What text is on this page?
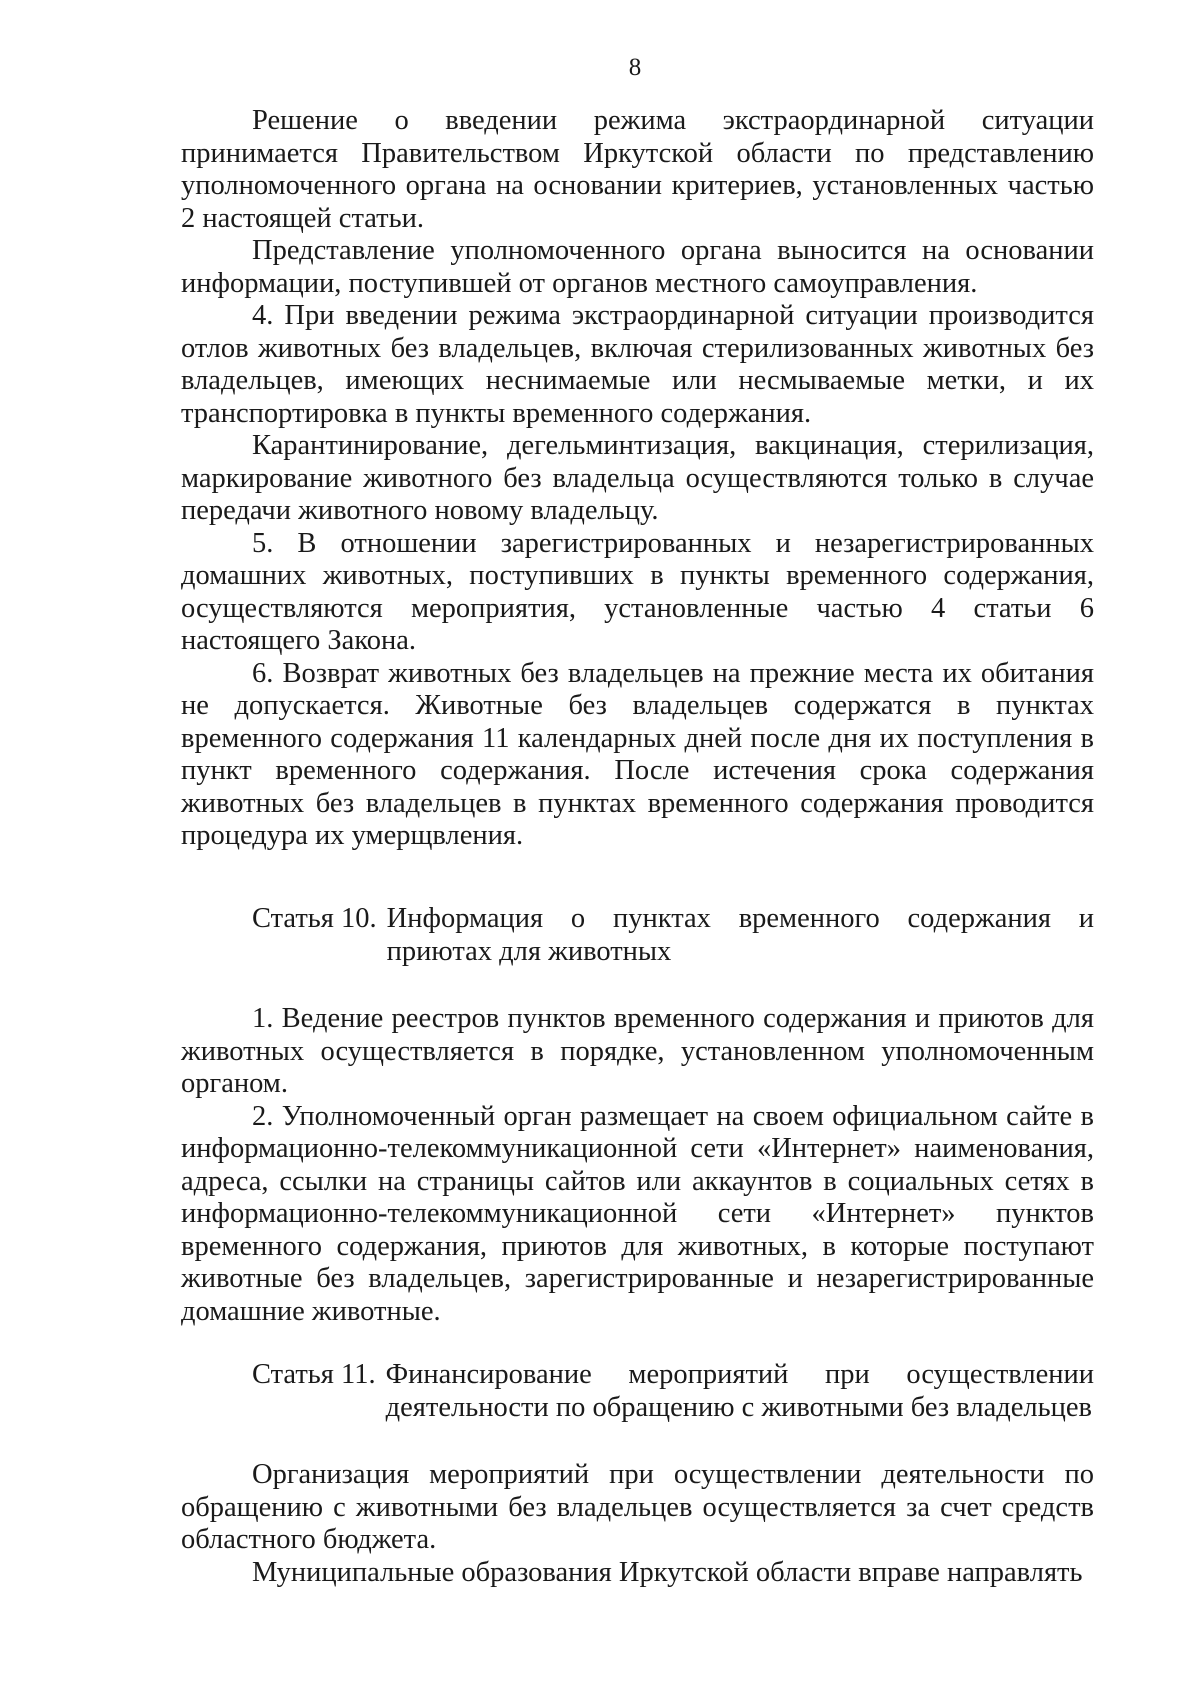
8

Решение о введении режима экстраординарной ситуации принимается Правительством Иркутской области по представлению уполномоченного органа на основании критериев, установленных частью 2 настоящей статьи.

Представление уполномоченного органа выносится на основании информации, поступившей от органов местного самоуправления.

4. При введении режима экстраординарной ситуации производится отлов животных без владельцев, включая стерилизованных животных без владельцев, имеющих неснимаемые или несмываемые метки, и их транспортировка в пункты временного содержания.

Карантинирование, дегельминтизация, вакцинация, стерилизация, маркирование животного без владельца осуществляются только в случае передачи животного новому владельцу.

5. В отношении зарегистрированных и незарегистрированных домашних животных, поступивших в пункты временного содержания, осуществляются мероприятия, установленные частью 4 статьи 6 настоящего Закона.

6. Возврат животных без владельцев на прежние места их обитания не допускается. Животные без владельцев содержатся в пунктах временного содержания 11 календарных дней после дня их поступления в пункт временного содержания. После истечения срока содержания животных без владельцев в пунктах временного содержания проводится процедура их умерщвления.

Статья 10. Информация о пунктах временного содержания и приютах для животных

1. Ведение реестров пунктов временного содержания и приютов для животных осуществляется в порядке, установленном уполномоченным органом.

2. Уполномоченный орган размещает на своем официальном сайте в информационно-телекоммуникационной сети «Интернет» наименования, адреса, ссылки на страницы сайтов или аккаунтов в социальных сетях в информационно-телекоммуникационной сети «Интернет» пунктов временного содержания, приютов для животных, в которые поступают животные без владельцев, зарегистрированные и незарегистрированные домашние животные.

Статья 11. Финансирование мероприятий при осуществлении деятельности по обращению с животными без владельцев

Организация мероприятий при осуществлении деятельности по обращению с животными без владельцев осуществляется за счет средств областного бюджета.

Муниципальные образования Иркутской области вправе направлять
